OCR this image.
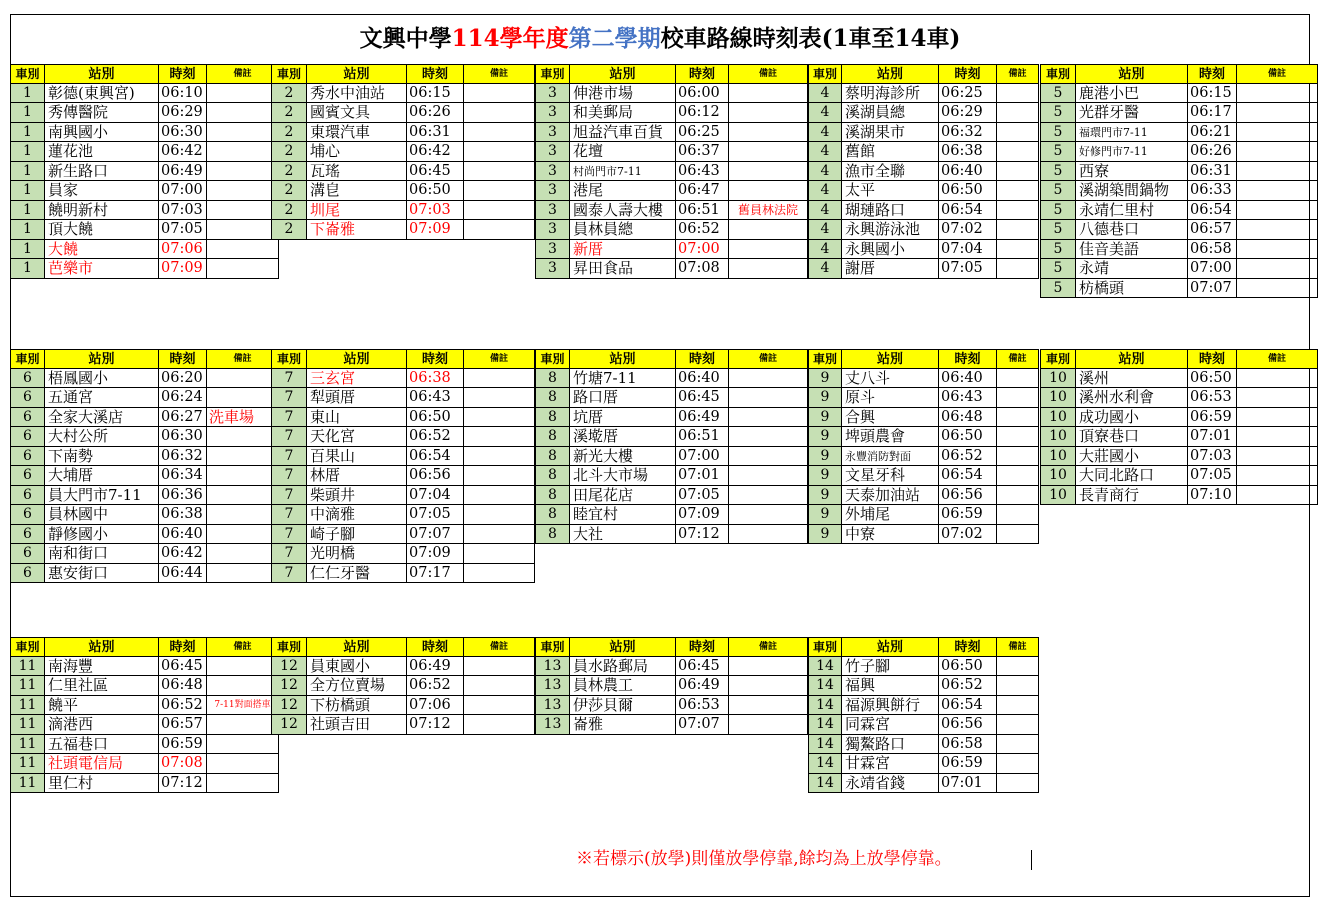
文興中學114學年度第二學期校車路線時刻表(1車至14車)
車別	站別	時刻	備註
1	彰德(東興宮)	06:10
1	秀傳醫院	06:29
1	南興國小	06:30
1	蓮花池	06:42
1	新生路口	06:49
1	員家	07:00
1	饒明新村	07:03
1	頂大饒	07:05
1	大饒	07:06
1	芭樂市	07:09
車別	站別	時刻	備註
2	秀水中油站	06:15
2	國賓文具	06:26
2	東環汽車	06:31
2	埔心	06:42
2	瓦瑤	06:45
2	溝皀	06:50
2	圳尾	07:03
2	下崙雅	07:09
車別	站別	時刻	備註
3	伸港市場	06:00
3	和美郵局	06:12
3	旭益汽車百貨	06:25
3	花壇	06:37
3	村尚門市7-11	06:43
3	港尾	06:47
3	國泰人壽大樓	06:51	舊員林法院
3	員林員總	06:52
3	新厝	07:00
3	昇田食品	07:08
車別	站別	時刻	備註
4	蔡明海診所	06:25
4	溪湖員總	06:29
4	溪湖果市	06:32
4	舊館	06:38
4	漁市全聯	06:40
4	太平	06:50
4	瑚璉路口	06:54
4	永興游泳池	07:02
4	永興國小	07:04
4	謝厝	07:05
車別	站別	時刻	備註
5	鹿港小巴	06:15
5	光群牙醫	06:17
5	福環門市7-11	06:21
5	好修門市7-11	06:26
5	西寮	06:31
5	溪湖築間鍋物	06:33
5	永靖仁里村	06:54
5	八德巷口	06:57
5	佳音美語	06:58
5	永靖	07:00
5	枋橋頭	07:07
車別	站別	時刻	備註
6	梧鳳國小	06:20
6	五通宮	06:24
6	全家大溪店	06:27 洗車場
6	大村公所	06:30
6	下南勢	06:32
6	大埔厝	06:34
6	員大門市7-11	06:36
6	員林國中	06:38
6	靜修國小	06:40
6	南和街口	06:42
6	惠安街口	06:44
車別	站別	時刻	備註
7	三玄宮	06:38
7	犁頭厝	06:43
7	東山	06:50
7	天化宮	06:52
7	百果山	06:54
7	林厝	06:56
7	柴頭井	07:04
7	中滴雅	07:05
7	崎子腳	07:07
7	光明橋	07:09
7	仁仁牙醫	07:17
車別	站別	時刻	備註
8	竹塘7-11	06:40
8	路口厝	06:45
8	坑厝	06:49
8	溪墘厝	06:51
8	新光大樓	07:00
8	北斗大市場	07:01
8	田尾花店	07:05
8	睦宜村	07:09
8	大社	07:12
車別	站別	時刻	備註
9	丈八斗	06:40
9	原斗	06:43
9	合興	06:48
9	埤頭農會	06:50
9	永豐消防對面	06:52
9	文星牙科	06:54
9	天泰加油站	06:56
9	外埔尾	06:59
9	中寮	07:02
車別	站別	時刻	備註
10 溪州	06:50
10 溪州水利會	06:53
10 成功國小	06:59
10 頂寮巷口	07:01
10 大莊國小	07:03
10 大同北路口	07:05
10 長青商行	07:10
車別	站別	時刻	備註
11 南海豐	06:45
11 仁里社區	06:48
11 饒平	06:52	7-11對面搭車
11 滴港西	06:57
11 五福巷口	06:59
11 社頭電信局	07:08
11 里仁村	07:12
車別	站別	時刻	備註
12 員東國小	06:49
12 全方位賣場	06:52
12 下枋橋頭	07:06
12 社頭吉田	07:12
車別	站別	時刻	備註
13 員水路郵局	06:45
13 員林農工	06:49
13 伊莎貝爾	06:53
13 崙雅	07:07
車別	站別	時刻	備註
14 竹子腳	06:50
14 福興	06:52
14 福源興餅行	06:54
14 同霖宮	06:56
14 獨鰲路口	06:58
14 甘霖宮	06:59
14 永靖省錢	07:01
※若標示(放學)則僅放學停靠,餘均為上放學停靠。
